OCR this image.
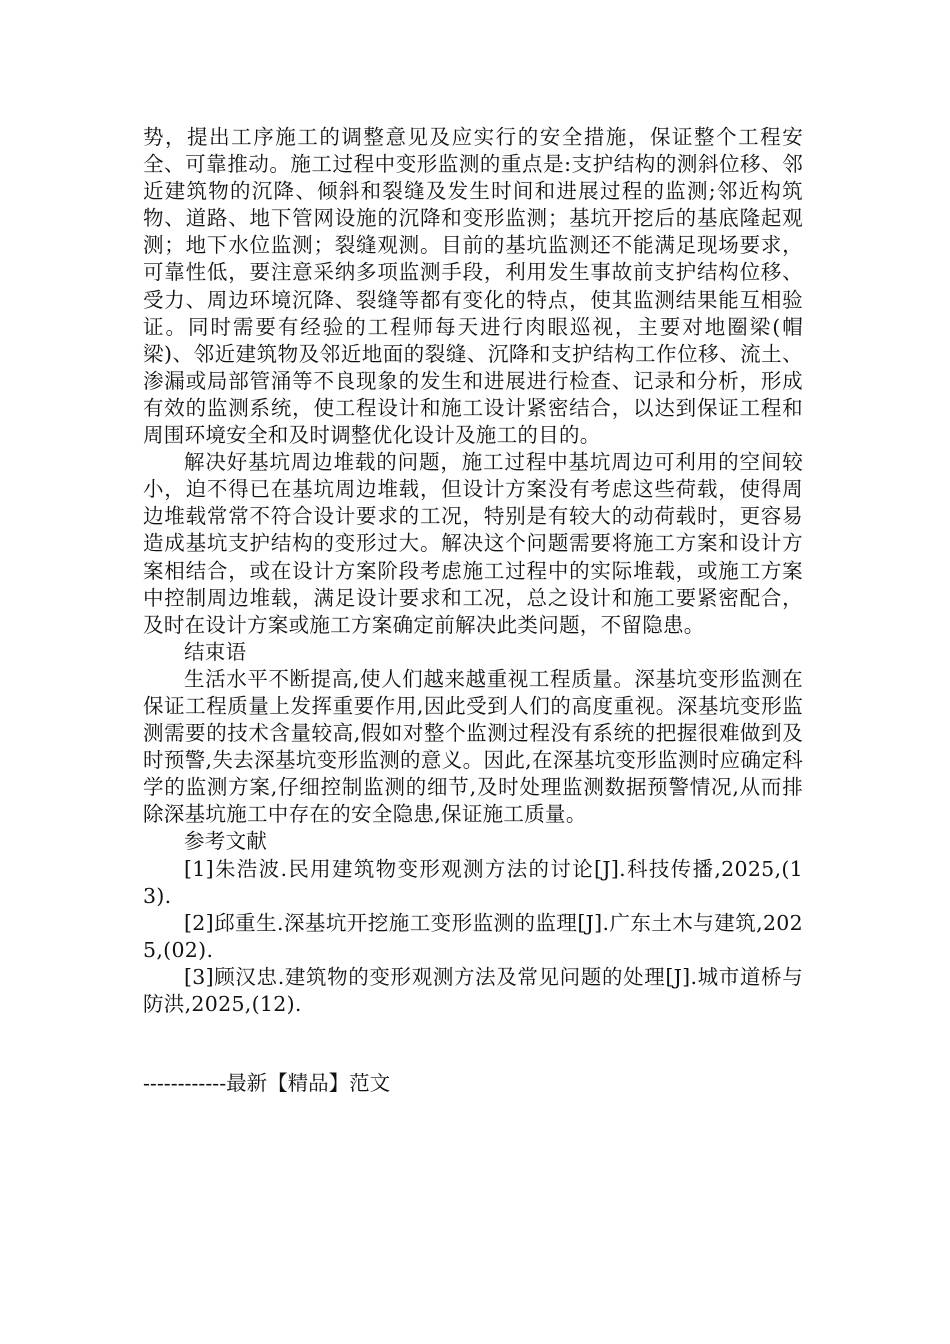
势，提出工序施工的调整意见及应实行的安全措施，保证整个工程安全、可靠推动。施工过程中变形监测的重点是:支护结构的测斜位移、邻近建筑物的沉降、倾斜和裂缝及发生时间和进展过程的监测;邻近构筑物、道路、地下管网设施的沉降和变形监测；基坑开挖后的基底隆起观测；地下水位监测；裂缝观测。目前的基坑监测还不能满足现场要求，可靠性低，要注意采纳多项监测手段，利用发生事故前支护结构位移、受力、周边环境沉降、裂缝等都有变化的特点，使其监测结果能互相验证。同时需要有经验的工程师每天进行肉眼巡视，主要对地圈梁(帽梁)、邻近建筑物及邻近地面的裂缝、沉降和支护结构工作位移、流土、渗漏或局部管涌等不良现象的发生和进展进行检查、记录和分析，形成有效的监测系统，使工程设计和施工设计紧密结合，以达到保证工程和周围环境安全和及时调整优化设计及施工的目的。

解决好基坑周边堆载的问题，施工过程中基坑周边可利用的空间较小，迫不得已在基坑周边堆载，但设计方案没有考虑这些荷载，使得周边堆载常常不符合设计要求的工况，特别是有较大的动荷载时，更容易造成基坑支护结构的变形过大。解决这个问题需要将施工方案和设计方案相结合，或在设计方案阶段考虑施工过程中的实际堆载，或施工方案中控制周边堆载，满足设计要求和工况，总之设计和施工要紧密配合，及时在设计方案或施工方案确定前解决此类问题，不留隐患。

结束语

生活水平不断提高,使人们越来越重视工程质量。深基坑变形监测在保证工程质量上发挥重要作用,因此受到人们的高度重视。深基坑变形监测需要的技术含量较高,假如对整个监测过程没有系统的把握很难做到及时预警,失去深基坑变形监测的意义。因此,在深基坑变形监测时应确定科学的监测方案,仔细控制监测的细节,及时处理监测数据预警情况,从而排除深基坑施工中存在的安全隐患,保证施工质量。

参考文献

[1]朱浩波.民用建筑物变形观测方法的讨论[J].科技传播,2025,(13).

[2]邱重生.深基坑开挖施工变形监测的监理[J].广东土木与建筑,2025,(02).

[3]顾汉忠.建筑物的变形观测方法及常见问题的处理[J].城市道桥与防洪,2025,(12).

------------最新【精品】范文
